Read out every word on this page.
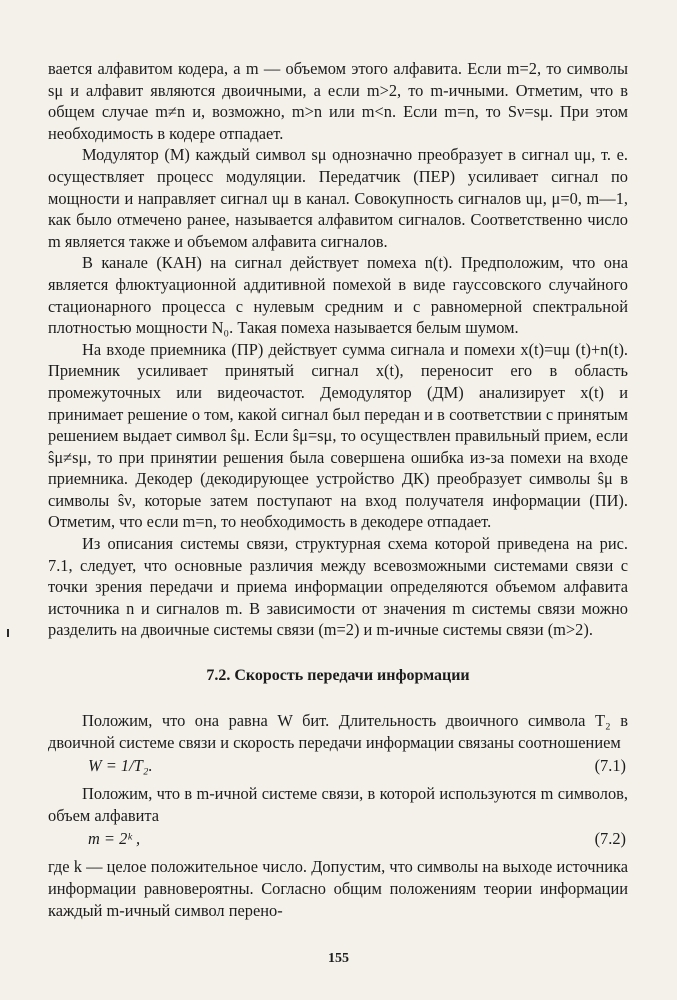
вается алфавитом кодера, а m — объемом этого алфавита. Если m=2, то символы sμ и алфавит являются двоичными, а если m>2, то m-ичными. Отметим, что в общем случае m≠n и, возможно, m>n или m<n. Если m=n, то Sν=sμ. При этом необходимость в кодере отпадает.

Модулятор (М) каждый символ sμ однозначно преобразует в сигнал uμ, т. е. осуществляет процесс модуляции. Передатчик (ПЕР) усиливает сигнал по мощности и направляет сигнал uμ в канал. Совокупность сигналов uμ, μ=0, m—1, как было отмечено ранее, называется алфавитом сигналов. Соответственно число m является также и объемом алфавита сигналов.

В канале (КАН) на сигнал действует помеха n(t). Предположим, что она является флюктуационной аддитивной помехой в виде гауссовского случайного стационарного процесса с нулевым средним и с равномерной спектральной плотностью мощности N₀. Такая помеха называется белым шумом.

На входе приемника (ПР) действует сумма сигнала и помехи x(t)=uμ (t)+n(t). Приемник усиливает принятый сигнал x(t), переносит его в область промежуточных или видеочастот. Демодулятор (ДМ) анализирует x(t) и принимает решение о том, какой сигнал был передан и в соответствии с принятым решением выдает символ ŝμ. Если ŝμ=sμ, то осуществлен правильный прием, если ŝμ≠sμ, то при принятии решения была совершена ошибка из-за помехи на входе приемника. Декодер (декодирующее устройство ДК) преобразует символы ŝμ в символы ŝν, которые затем поступают на вход получателя информации (ПИ). Отметим, что если m=n, то необходимость в декодере отпадает.

Из описания системы связи, структурная схема которой приведена на рис. 7.1, следует, что основные различия между всевозможными системами связи с точки зрения передачи и приема информации определяются объемом алфавита источника n и сигналов m. В зависимости от значения m системы связи можно разделить на двоичные системы связи (m=2) и m-ичные системы связи (m>2).

7.2. Скорость передачи информации

Положим, что она равна W бит. Длительность двоичного символа T₂ в двоичной системе связи и скорость передачи информации связаны соотношением

W = 1/T₂.	(7.1)

Положим, что в m-ичной системе связи, в которой используются m символов, объем алфавита

m = 2ᵏ ,	(7.2)

где k — целое положительное число. Допустим, что символы на выходе источника информации равновероятны. Согласно общим положениям теории информации каждый m-ичный символ перено-

155
